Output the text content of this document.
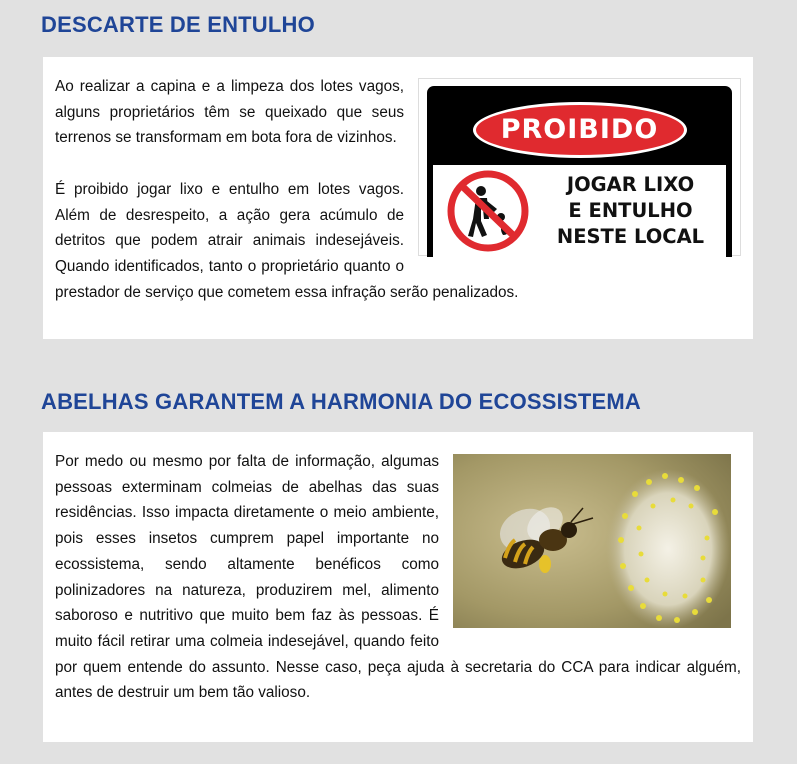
DESCARTE DE ENTULHO
PROIBIDO
JOGAR LIXO
E ENTULHO
NESTE LOCAL

Ao realizar a capina e a limpeza dos lotes vagos, alguns proprietários têm se queixado que seus terrenos se transformam em bota fora de vizinhos.

É proibido jogar lixo e entulho em lotes vagos. Além de desrespeito, a ação gera acúmulo de detritos que podem atrair animais indesejáveis. Quando identificados, tanto o proprietário quanto o prestador de serviço que cometem essa infração serão penalizados.

ABELHAS GARANTEM A HARMONIA DO ECOSSISTEMA

Por medo ou mesmo por falta de informação, algumas pessoas exterminam colmeias de abelhas das suas residências. Isso impacta diretamente o meio ambiente, pois esses insetos cumprem papel importante no ecossistema, sendo altamente benéficos como polinizadores na natureza, produzirem mel, alimento saboroso e nutritivo que muito bem faz às pessoas. É muito fácil retirar uma colmeia indesejável, quando feito por quem entende do assunto. Nesse caso, peça ajuda à secretaria do CCA para indicar alguém, antes de destruir um bem tão valioso.
